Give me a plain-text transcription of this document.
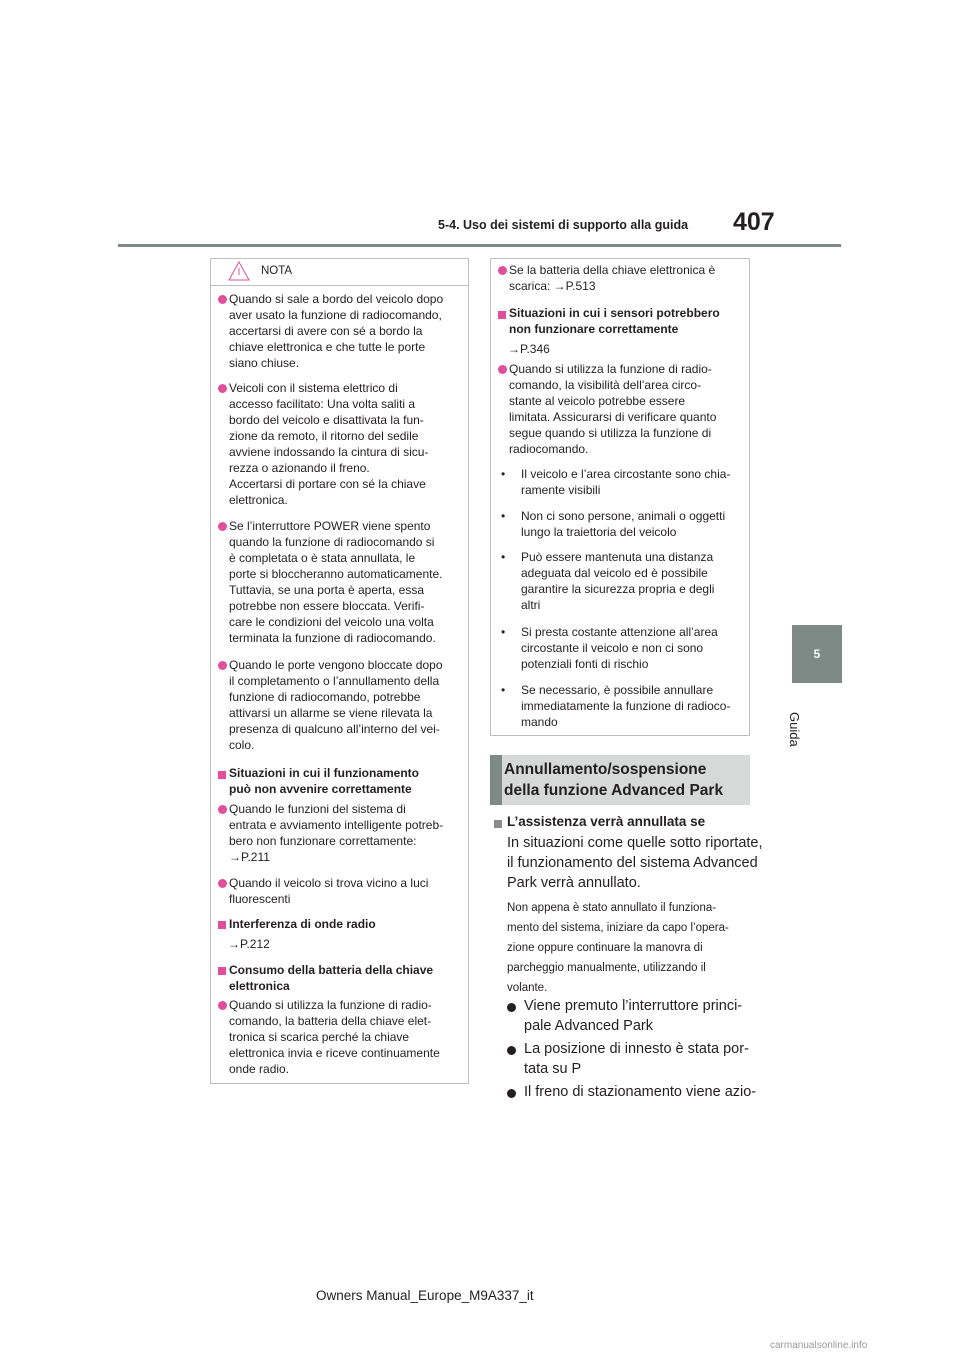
5-4. Uso dei sistemi di supporto alla guida 407
5
Guida
NOTA
Quando si sale a bordo del veicolo dopo
aver usato la funzione di radiocomando,
accertarsi di avere con sé a bordo la
chiave elettronica e che tutte le porte
siano chiuse.
Veicoli con il sistema elettrico di
accesso facilitato: Una volta saliti a
bordo del veicolo e disattivata la fun-
zione da remoto, il ritorno del sedile
avviene indossando la cintura di sicu-
rezza o azionando il freno.
Accertarsi di portare con sé la chiave
elettronica.
Se l’interruttore POWER viene spento
quando la funzione di radiocomando si
è completata o è stata annullata, le
porte si bloccheranno automaticamente.
Tuttavia, se una porta è aperta, essa
potrebbe non essere bloccata. Verifi-
care le condizioni del veicolo una volta
terminata la funzione di radiocomando.
Quando le porte vengono bloccate dopo
il completamento o l’annullamento della
funzione di radiocomando, potrebbe
attivarsi un allarme se viene rilevata la
presenza di qualcuno all’interno del vei-
colo.
Situazioni in cui il funzionamento
può non avvenire correttamente
Quando le funzioni del sistema di
entrata e avviamento intelligente potreb-
bero non funzionare correttamente:
→P.211
Quando il veicolo si trova vicino a luci
fluorescenti
Interferenza di onde radio
→P.212
Consumo della batteria della chiave
elettronica
Quando si utilizza la funzione di radio-
comando, la batteria della chiave elet-
tronica si scarica perché la chiave
elettronica invia e riceve continuamente
onde radio.
Se la batteria della chiave elettronica è
scarica: →P.513
Situazioni in cui i sensori potrebbero
non funzionare correttamente
→P.346
Quando si utilizza la funzione di radio-
comando, la visibilità dell’area circo-
stante al veicolo potrebbe essere
limitata. Assicurarsi di verificare quanto
segue quando si utilizza la funzione di
radiocomando.
• Il veicolo e l’area circostante sono chia-
ramente visibili
• Non ci sono persone, animali o oggetti
lungo la traiettoria del veicolo
• Può essere mantenuta una distanza
adeguata dal veicolo ed è possibile
garantire la sicurezza propria e degli
altri
• Si presta costante attenzione all’area
circostante il veicolo e non ci sono
potenziali fonti di rischio
• Se necessario, è possibile annullare
immediatamente la funzione di radioco-
mando
Annullamento/sospensione
della funzione Advanced Park
L’assistenza verrà annullata se
In situazioni come quelle sotto riportate,
il funzionamento del sistema Advanced
Park verrà annullato.
Non appena è stato annullato il funziona-
mento del sistema, iniziare da capo l’opera-
zione oppure continuare la manovra di
parcheggio manualmente, utilizzando il
volante.
Viene premuto l’interruttore princi-
pale Advanced Park
La posizione di innesto è stata por-
tata su P
Il freno di stazionamento viene azio-
Owners Manual_Europe_M9A337_it
carmanualsonline.info
